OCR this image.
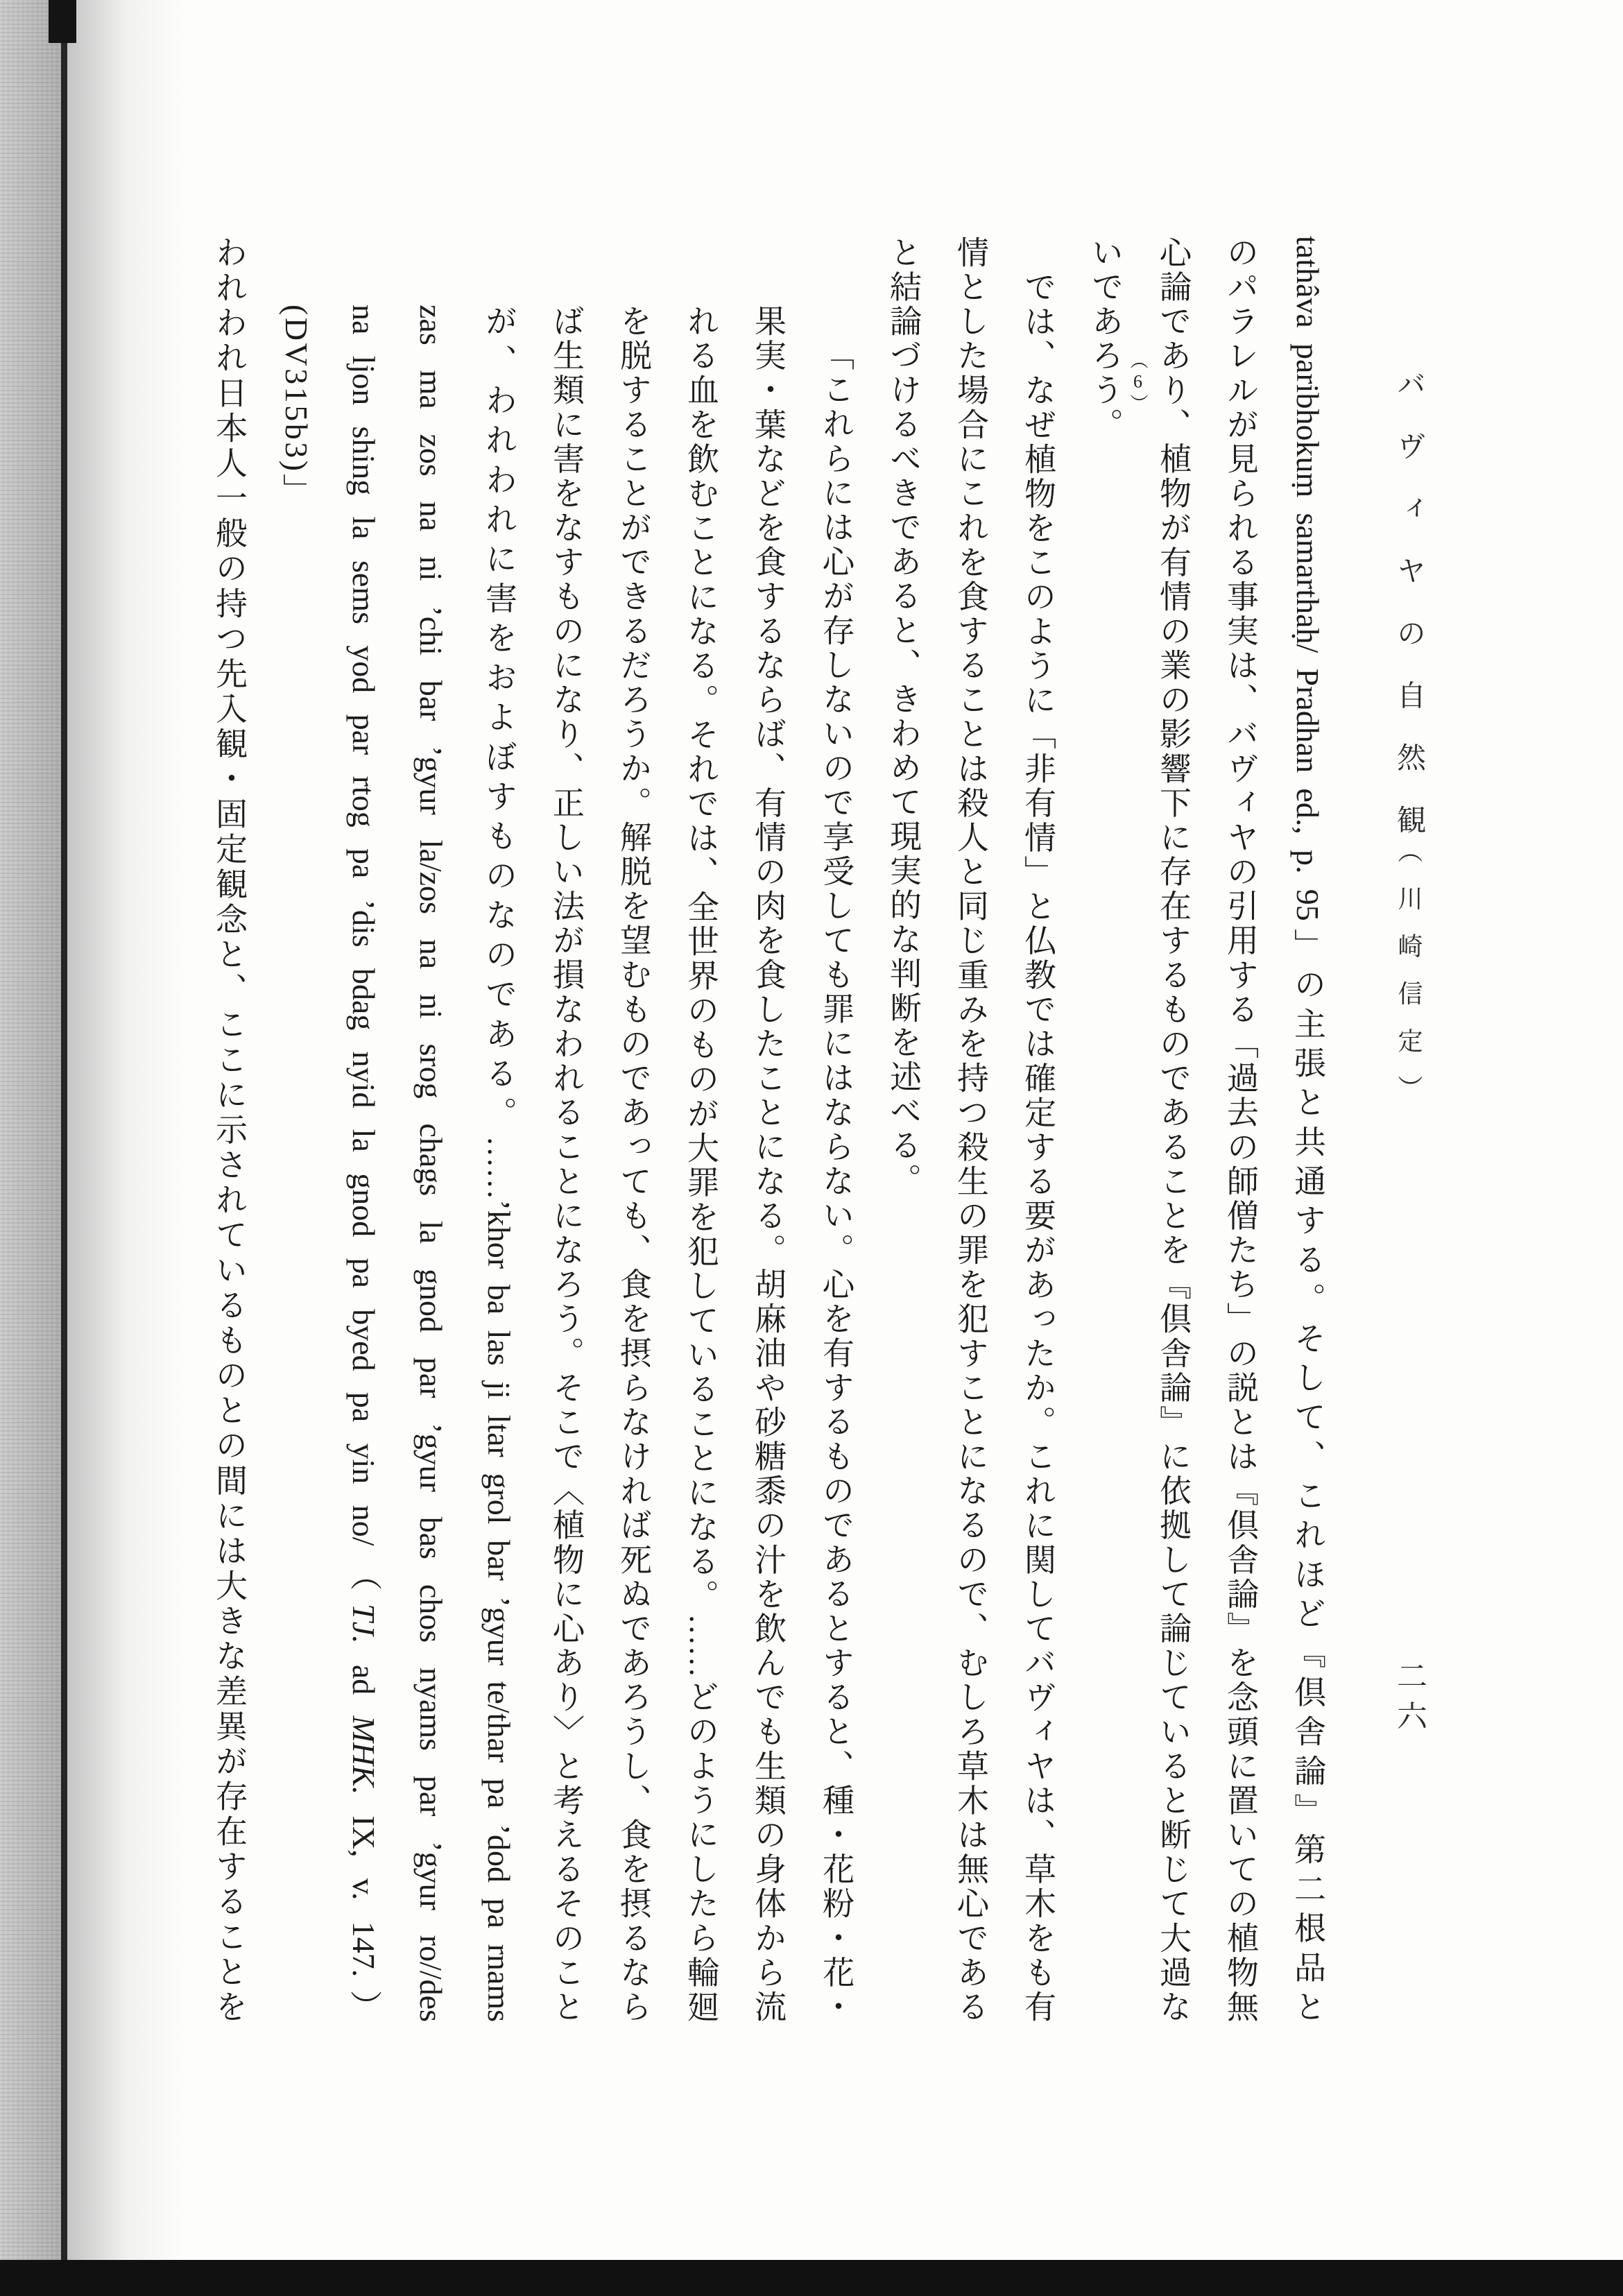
バヴィヤの自然観
（川崎信定）
二六
tathâva paribhokuṃ samarthaḥ/ Pradhan ed., p. 95」の主張と共通する。そして、これほど『倶舎論』第二根品と
のパラレルが見られる事実は、バヴィヤの引用する「過去の師僧たち」の説とは『倶舎論』を念頭に置いての植物無
心論であり、植物が有情の業の影響下に存在するものであることを『倶舎論』に依拠して論じていると断じて大過な
いであろう。 （6）
では、なぜ植物をこのように「非有情」と仏教では確定する要があったか。これに関してバヴィヤは、草木をも有
情とした場合にこれを食することは殺人と同じ重みを持つ殺生の罪を犯すことになるので、むしろ草木は無心である
と結論づけるべきであると、きわめて現実的な判断を述べる。
「これらには心が存しないので享受しても罪にはならない。心を有するものであるとすると、種・花粉・花・
果実・葉などを食するならば、有情の肉を食したことになる。胡麻油や砂糖黍の汁を飲んでも生類の身体から流
れる血を飲むことになる。それでは、全世界のものが大罪を犯していることになる。……どのようにしたら輪廻
を脱することができるだろうか。解脱を望むものであっても、食を摂らなければ死ぬであろうし、食を摂るなら
ば生類に害をなすものになり、正しい法が損なわれることになろう。そこで〈植物に心あり〉と考えるそのこと
が、われわれに害をおよぼすものなのである。……’khor ba las ji ltar grol bar ’gyur te/thar pa ’dod pa rnams
zas ma zos na ni ’chi bar ’gyur la/zos na ni srog chags la gnod par ’gyur bas chos nyams par ’gyur ro//des
na ljon shing la sems yod par rtog pa ’dis bdag nyid la gnod pa byed pa yin no/（TJ. ad MHK. IX, v. 147.）
(DV315b3)」
われわれ日本人一般の持つ先入観・固定観念と、ここに示されているものとの間には大きな差異が存在することを
